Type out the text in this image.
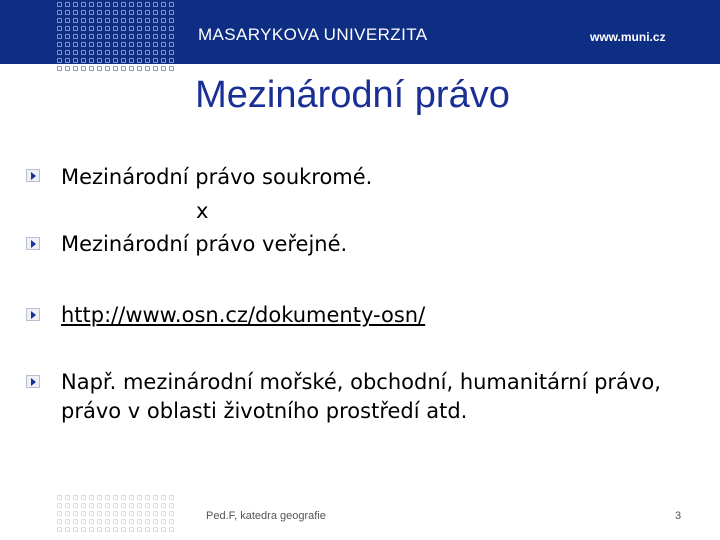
MASARYKOVA UNIVERZITA	www.muni.cz
Mezinárodní právo
Mezinárodní právo soukromé.
x
Mezinárodní právo veřejné.
http://www.osn.cz/dokumenty-osn/
Např. mezinárodní mořské, obchodní, humanitární právo,
právo v oblasti životního prostředí atd.
Ped.F, katedra geografie	3
